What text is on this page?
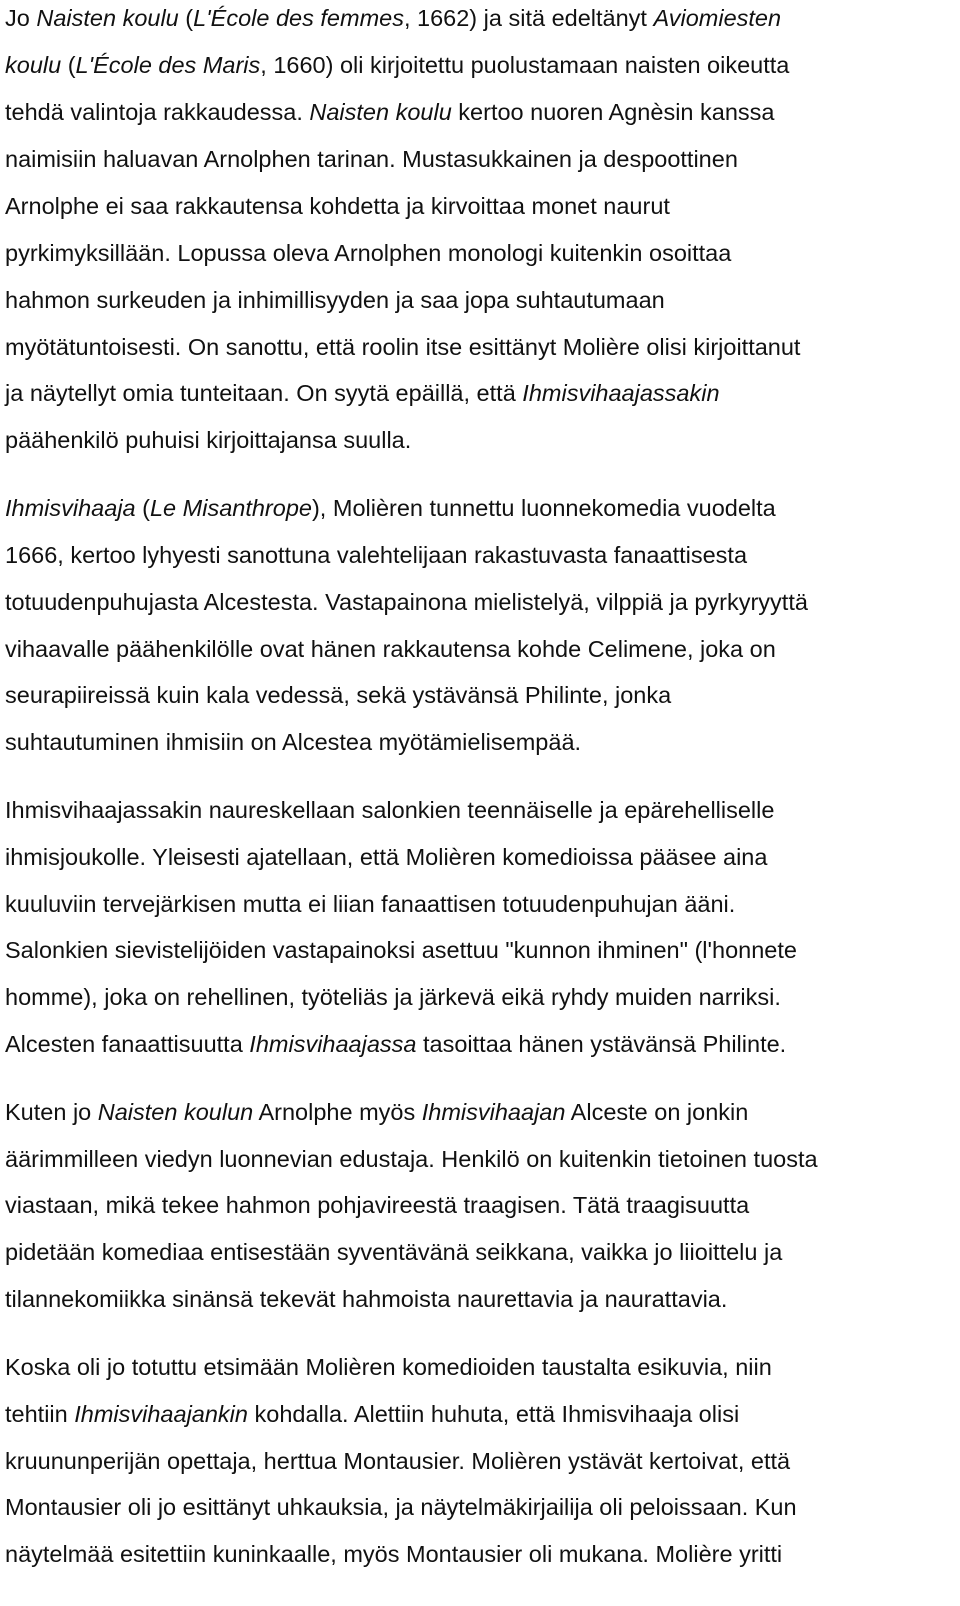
Jo Naisten koulu (L'École des femmes, 1662) ja sitä edeltänyt Aviomiesten
koulu (L'École des Maris, 1660) oli kirjoitettu puolustamaan naisten oikeutta
tehdä valintoja rakkaudessa. Naisten koulu kertoo nuoren Agnèsin kanssa
naimisiin haluavan Arnolphen tarinan. Mustasukkainen ja despoottinen
Arnolphe ei saa rakkautensa kohdetta ja kirvoittaa monet naurut
pyrkimyksillään. Lopussa oleva Arnolphen monologi kuitenkin osoittaa
hahmon surkeuden ja inhimillisyyden ja saa jopa suhtautumaan
myötätuntoisesti. On sanottu, että roolin itse esittänyt Molière olisi kirjoittanut
ja näytellyt omia tunteitaan. On syytä epäillä, että Ihmisvihaajassakin
päähenkilö puhuisi kirjoittajansa suulla.
Ihmisvihaaja (Le Misanthrope), Molièren tunnettu luonnekomedia vuodelta
1666, kertoo lyhyesti sanottuna valehtelijaan rakastuvasta fanaattisesta
totuudenpuhujasta Alcestesta. Vastapainona mielistelyä, vilppiä ja pyrkyryyttä
vihaavalle päähenkilölle ovat hänen rakkautensa kohde Celimene, joka on
seurapiireissä kuin kala vedessä, sekä ystävänsä Philinte, jonka
suhtautuminen ihmisiin on Alcestea myötämielisempää.
Ihmisvihaajassakin naureskellaan salonkien teennäiselle ja epärehelliselle
ihmisjoukolle. Yleisesti ajatellaan, että Molièren komedioissa pääsee aina
kuuluviin tervejärkisen mutta ei liian fanaattisen totuudenpuhujan ääni.
Salonkien sievistelijöiden vastapainoksi asettuu "kunnon ihminen" (l'honnete
homme), joka on rehellinen, työteliäs ja järkevä eikä ryhdy muiden narriksi.
Alcesten fanaattisuutta Ihmisvihaajassa tasoittaa hänen ystävänsä Philinte.
Kuten jo Naisten koulun Arnolphe myös Ihmisvihaajan Alceste on jonkin
äärimmilleen viedyn luonnevian edustaja. Henkilö on kuitenkin tietoinen tuosta
viastaan, mikä tekee hahmon pohjavireestä traagisen. Tätä traagisuutta
pidetään komediaa entisestään syventävänä seikkana, vaikka jo liioittelu ja
tilannekomiikka sinänsä tekevät hahmoista naurettavia ja naurattavia.
Koska oli jo totuttu etsimään Molièren komedioiden taustalta esikuvia, niin
tehtiin Ihmisvihaajankin kohdalla. Alettiin huhuta, että Ihmisvihaaja olisi
kruununperijän opettaja, herttua Montausier. Molièren ystävät kertoivat, että
Montausier oli jo esittänyt uhkauksia, ja näytelmäkirjailija oli peloissaan. Kun
näytelmää esitettiin kuninkaalle, myös Montausier oli mukana. Molière yritti
